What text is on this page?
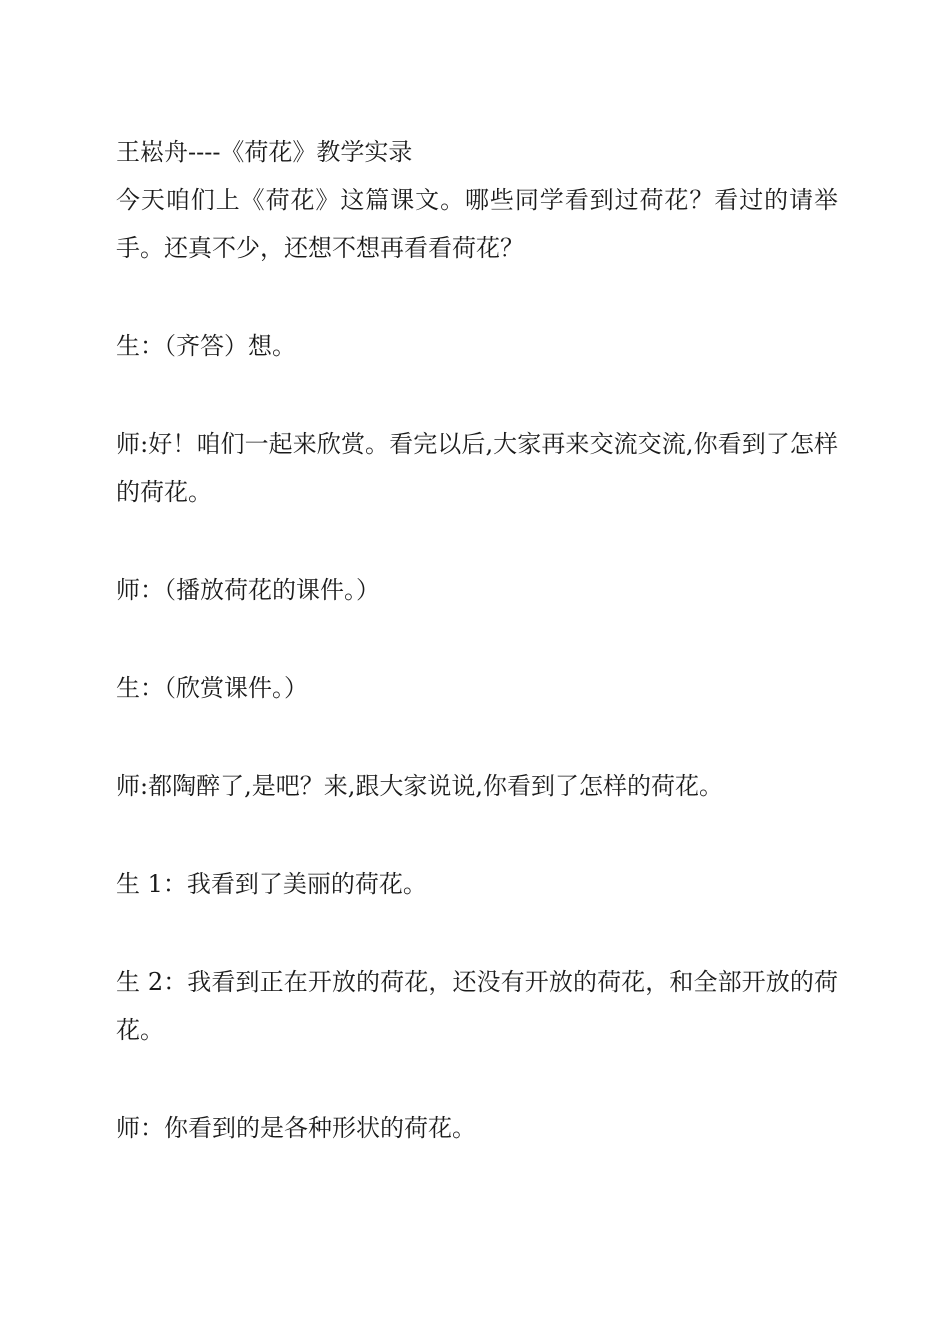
王崧舟----《荷花》教学实录

今天咱们上《荷花》这篇课文。哪些同学看到过荷花？看过的请举手。还真不少，还想不想再看看荷花？

生：（齐答）想。

师:好！咱们一起来欣赏。看完以后,大家再来交流交流,你看到了怎样的荷花。

师：（播放荷花的课件。）

生：（欣赏课件。）

师:都陶醉了,是吧？来,跟大家说说,你看到了怎样的荷花。

生 1：我看到了美丽的荷花。

生 2：我看到正在开放的荷花，还没有开放的荷花，和全部开放的荷花。

师：你看到的是各种形状的荷花。
